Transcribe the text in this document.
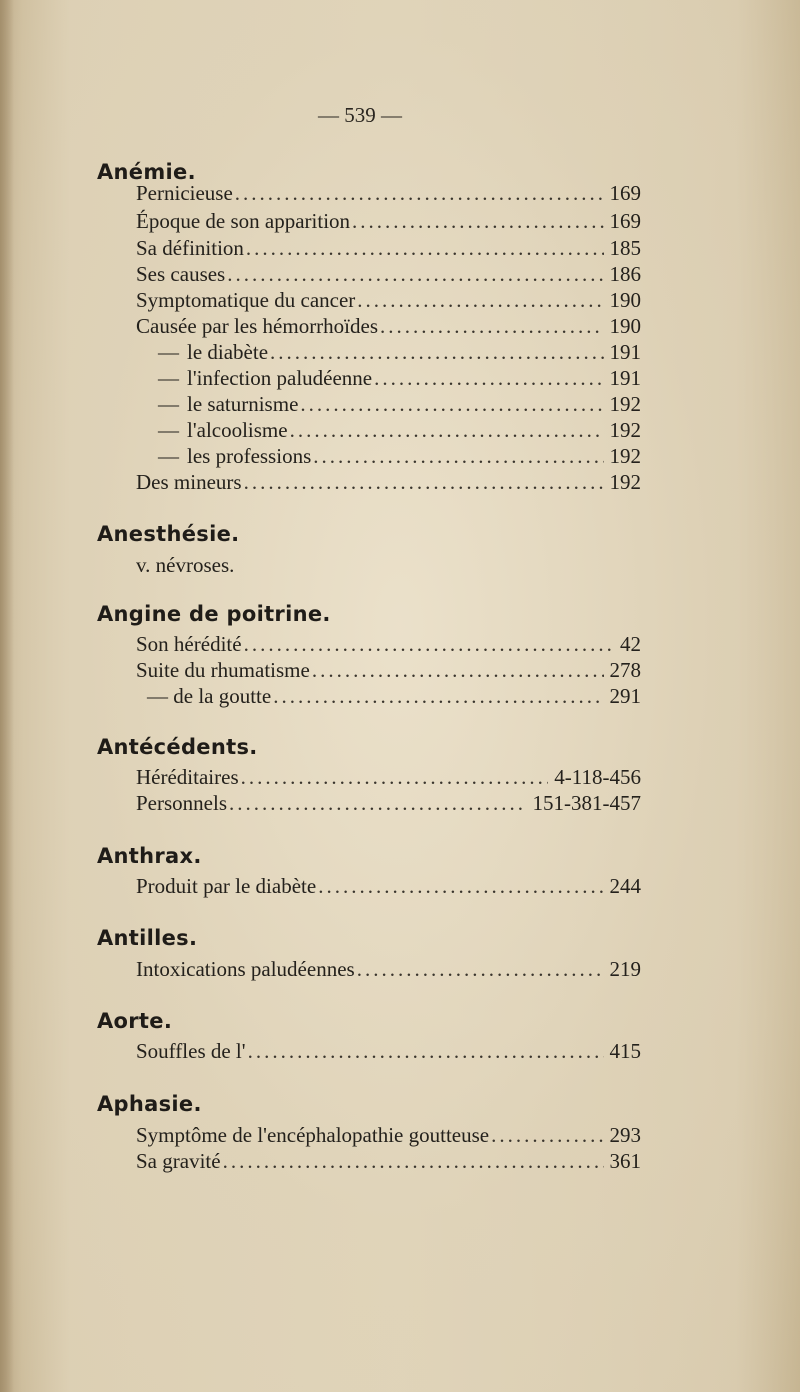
— 539 —
Anémie.
Pernicieuse .....	169
Époque de son apparition .....	169
Sa définition .....	185
Ses causes .....	186
Symptomatique du cancer .....	190
Causée par les hémorrhoïdes .....	190
— le diabète .....	191
— l'infection paludéenne .....	191
— le saturnisme .....	192
— l'alcoolisme .....	192
— les professions .....	192
Des mineurs .....	192
Anesthésie.
v. névroses.
Angine de poitrine.
Son hérédité .....	42
Suite du rhumatisme .....	278
— de la goutte .....	291
Antécédents.
Héréditaires .....	4-118-456
Personnels .....	151-381-457
Anthrax.
Produit par le diabète .....	244
Antilles.
Intoxications paludéennes .....	219
Aorte.
Souffles de l' .....	415
Aphasie.
Symptôme de l'encéphalopathie goutteuse .....	293
Sa gravité .....	361
